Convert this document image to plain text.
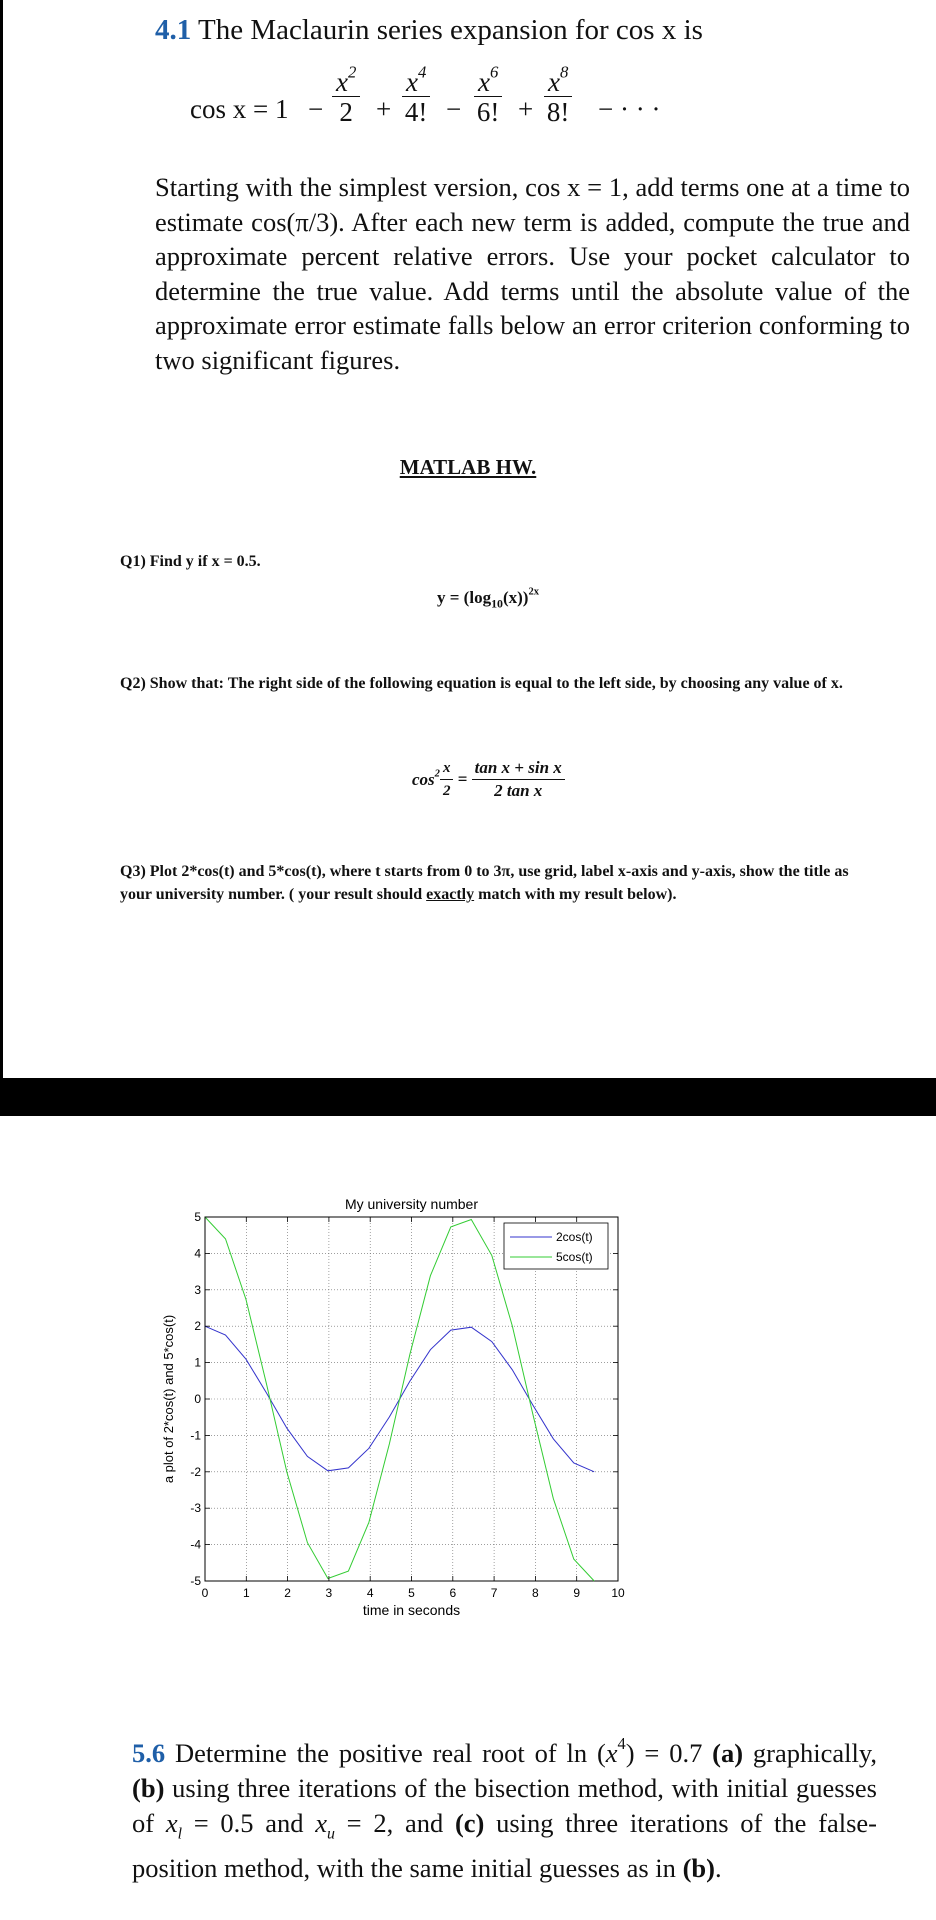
4.1 The Maclaurin series expansion for cos x is
$\cos x = 1 - \frac{x^2}{2} + \frac{x^4}{4!} - \frac{x^6}{6!} + \frac{x^8}{8!}$ − · · ·
Starting with the simplest version, cos x = 1, add terms one at a time to estimate cos(π/3). After each new term is added, compute the true and approximate percent relative errors. Use your pocket calculator to determine the true value. Add terms until the absolute value of the approximate error estimate falls below an error criterion conforming to two significant figures.
MATLAB HW.
Q1) Find y if x = 0.5.
$y = (\log_{10}(x))^{2x}$
Q2) Show that: The right side of the following equation is equal to the left side, by choosing any value of x.
$\cos^2 \frac{x}{2} = \frac{\text{tan x + sin x}}{\text{2 tan x}}$
Q3) Plot 2*cos(t) and 5*cos(t), where t starts from 0 to 3π, use grid, label x-axis and y-axis, show the title as your university number. ( your result should exactly match with my result below).
0	1	2	3	4	5	6	7	8	9	10
-5
-4
-3
-2
-1
0
1
2
3
4
5
My university number
time in seconds
a plot of 2*cos(t) and 5*cos(t)
2cos(t)
5cos(t)
5.6 Determine the positive real root of $\ln (x^4) = 0.7$ (a) graphically, (b) using three iterations of the bisection method, with initial guesses of $x_l = 0.5$ and $x_u = 2$, and (c) using three iterations of the false-position method, with the same initial guesses as in (b).
